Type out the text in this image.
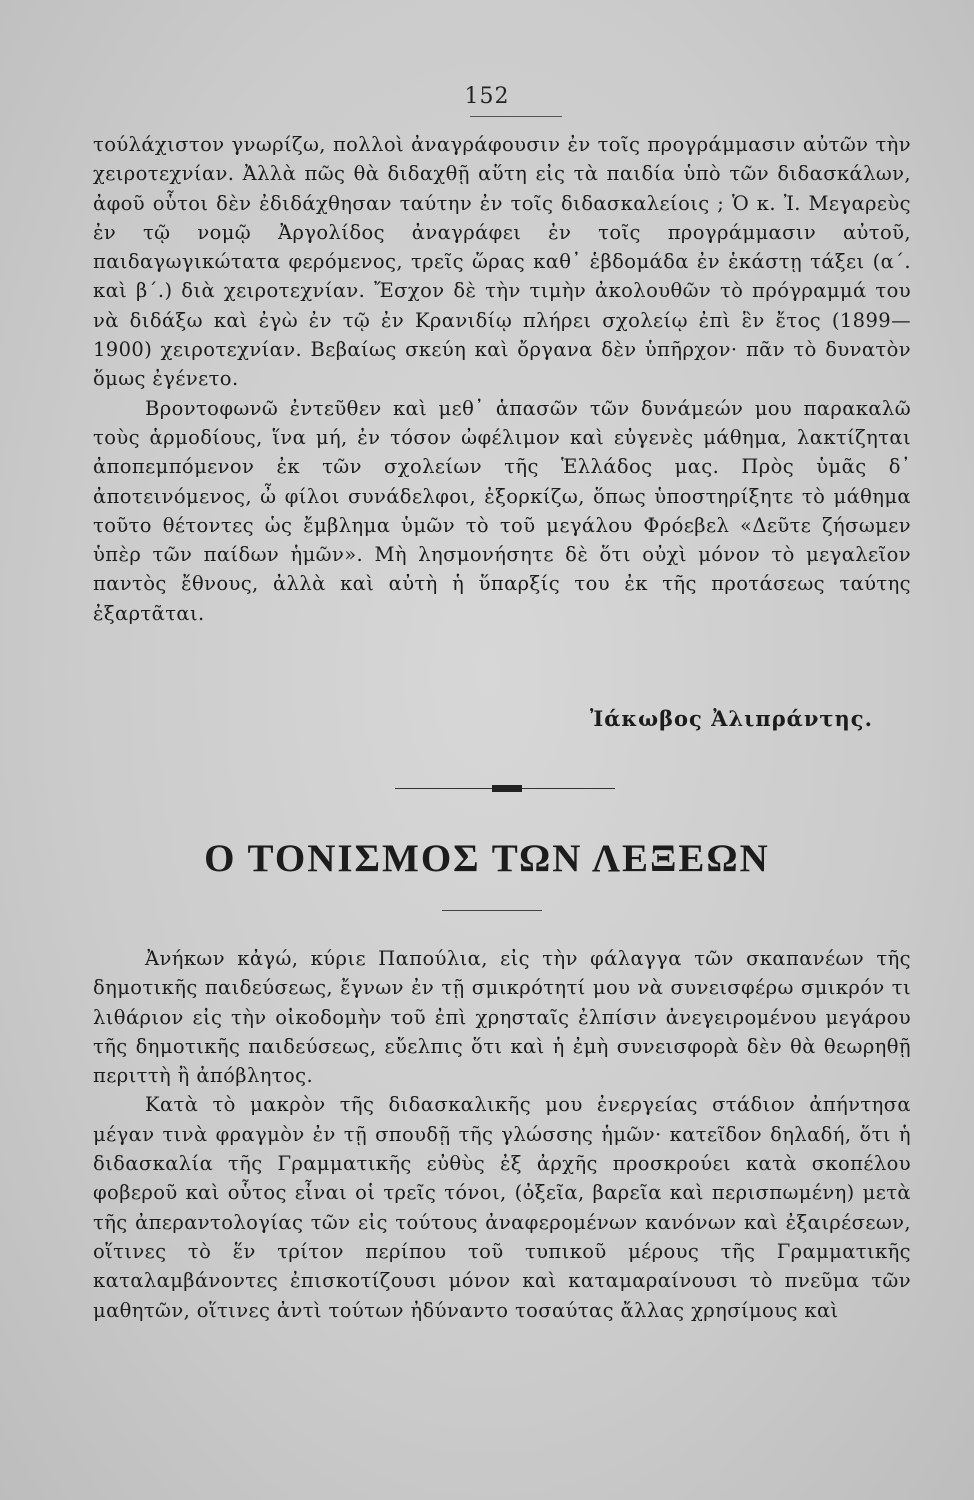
152

τούλάχιστον γνωρίζω, πολλοὶ ἀναγράφουσιν ἐν τοῖς προγράμμασιν αὐτῶν τὴν χειροτεχνίαν. Ἀλλὰ πῶς θὰ διδαχθῇ αὕτη εἰς τὰ παιδία ὑπὸ τῶν διδασκάλων, ἀφοῦ οὗτοι δὲν ἐδιδάχθησαν ταύτην ἐν τοῖς διδασκαλείοις ; Ὁ κ. Ἰ. Μεγαρεὺς ἐν τῷ νομῷ Ἀργολίδος ἀναγράφει ἐν τοῖς προγράμμασιν αὐτοῦ, παιδαγωγικώτατα φερόμενος, τρεῖς ὥρας καθ᾽ ἑβδομάδα ἐν ἑκάστῃ τάξει (α΄. καὶ β΄.) διὰ χειροτεχνίαν. Ἔσχον δὲ τὴν τιμὴν ἀκολουθῶν τὸ πρόγραμμά του νὰ διδάξω καὶ ἐγὼ ἐν τῷ ἐν Κρανιδίῳ πλήρει σχολείῳ ἐπὶ ἓν ἔτος (1899—1900) χειροτεχνίαν. Βεβαίως σκεύη καὶ ὄργανα δὲν ὑπῆρχον· πᾶν τὸ δυνατὸν ὅμως ἐγένετο.

Βροντοφωνῶ ἐντεῦθεν καὶ μεθ᾽ ἁπασῶν τῶν δυνάμεών μου παρακαλῶ τοὺς ἁρμοδίους, ἵνα μή, ἐν τόσον ὠφέλιμον καὶ εὐγενὲς μάθημα, λακτίζηται ἀποπεμπόμενον ἐκ τῶν σχολείων τῆς Ἑλλάδος μας. Πρὸς ὑμᾶς δ᾽ ἀποτεινόμενος, ὦ φίλοι συνάδελφοι, ἐξορκίζω, ὅπως ὑποστηρίξητε τὸ μάθημα τοῦτο θέτοντες ὡς ἔμβλημα ὑμῶν τὸ τοῦ μεγάλου Φρόεβελ «Δεῦτε ζήσωμεν ὑπὲρ τῶν παίδων ἡμῶν». Μὴ λησμονήσητε δὲ ὅτι οὐχὶ μόνον τὸ μεγαλεῖον παντὸς ἔθνους, ἀλλὰ καὶ αὐτὴ ἡ ὕπαρξίς του ἐκ τῆς προτάσεως ταύτης ἐξαρτᾶται.

Ἰάκωβος Ἀλιπράντης.
Ο ΤΟΝΙΣΜΟΣ ΤΩΝ ΛΕΞΕΩΝ

Ἀνήκων κἀγώ, κύριε Παπούλια, εἰς τὴν φάλαγγα τῶν σκαπανέων τῆς δημοτικῆς παιδεύσεως, ἔγνων ἐν τῇ σμικρότητί μου νὰ συνεισφέρω σμικρόν τι λιθάριον εἰς τὴν οἰκοδομὴν τοῦ ἐπὶ χρησταῖς ἐλπίσιν ἀνεγειρομένου μεγάρου τῆς δημοτικῆς παιδεύσεως, εὔελπις ὅτι καὶ ἡ ἐμὴ συνεισφορὰ δὲν θὰ θεωρηθῇ περιττὴ ἢ ἀπόβλητος.

Κατὰ τὸ μακρὸν τῆς διδασκαλικῆς μου ἐνεργείας στάδιον ἀπήντησα μέγαν τινὰ φραγμὸν ἐν τῇ σπουδῇ τῆς γλώσσης ἡμῶν· κατεῖδον δηλαδή, ὅτι ἡ διδασκαλία τῆς Γραμματικῆς εὐθὺς ἐξ ἀρχῆς προσκρούει κατὰ σκοπέλου φοβεροῦ καὶ οὗτος εἶναι οἱ τρεῖς τόνοι, (ὀξεῖα, βαρεῖα καὶ περισπωμένη) μετὰ τῆς ἀπεραντολογίας τῶν εἰς τούτους ἀναφερομένων κανόνων καὶ ἐξαιρέσεων, οἵτινες τὸ ἕν τρίτον περίπου τοῦ τυπικοῦ μέρους τῆς Γραμματικῆς καταλαμβάνοντες ἐπισκοτίζουσι μόνον καὶ καταμαραίνουσι τὸ πνεῦμα τῶν μαθητῶν, οἵτινες ἀντὶ τούτων ἠδύναντο τοσαύτας ἄλλας χρησίμους καὶ
